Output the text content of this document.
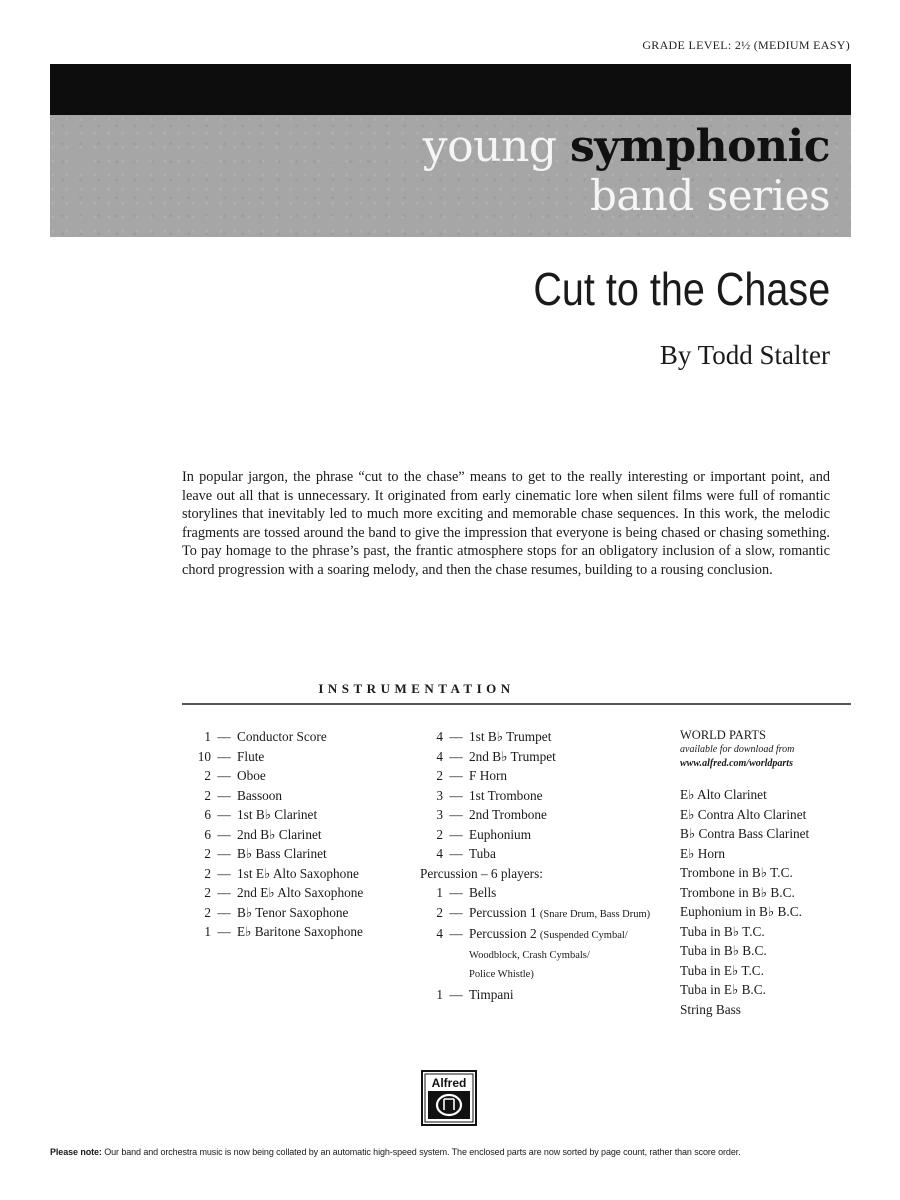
GRADE LEVEL: 2½ (MEDIUM EASY)
young symphonic
band series
Cut to the Chase
By Todd Stalter
In popular jargon, the phrase “cut to the chase” means to get to the really interesting or important point, and leave out all that is unnecessary. It originated from early cinematic lore when silent films were full of romantic storylines that inevitably led to much more exciting and memorable chase sequences. In this work, the melodic fragments are tossed around the band to give the impression that everyone is being chased or chasing something. To pay homage to the phrase’s past, the frantic atmosphere stops for an obligatory inclusion of a slow, romantic chord progression with a soaring melody, and then the chase resumes, building to a rousing conclusion.
INSTRUMENTATION
1 — Conductor Score
10 — Flute
2 — Oboe
2 — Bassoon
6 — 1st B♭ Clarinet
6 — 2nd B♭ Clarinet
2 — B♭ Bass Clarinet
2 — 1st E♭ Alto Saxophone
2 — 2nd E♭ Alto Saxophone
2 — B♭ Tenor Saxophone
1 — E♭ Baritone Saxophone
4 — 1st B♭ Trumpet
4 — 2nd B♭ Trumpet
2 — F Horn
3 — 1st Trombone
3 — 2nd Trombone
2 — Euphonium
4 — Tuba
Percussion – 6 players:
1 — Bells
2 — Percussion 1 (Snare Drum, Bass Drum)
4 — Percussion 2 (Suspended Cymbal/
Woodblock, Crash Cymbals/
Police Whistle)
1 — Timpani
WORLD PARTS
available for download from
www.alfred.com/worldparts
E♭ Alto Clarinet
E♭ Contra Alto Clarinet
B♭ Contra Bass Clarinet
E♭ Horn
Trombone in B♭ T.C.
Trombone in B♭ B.C.
Euphonium in B♭ B.C.
Tuba in B♭ T.C.
Tuba in B♭ B.C.
Tuba in E♭ T.C.
Tuba in E♭ B.C.
String Bass
Alfred
Please note: Our band and orchestra music is now being collated by an automatic high-speed system. The enclosed parts are now sorted by page count, rather than score order.
